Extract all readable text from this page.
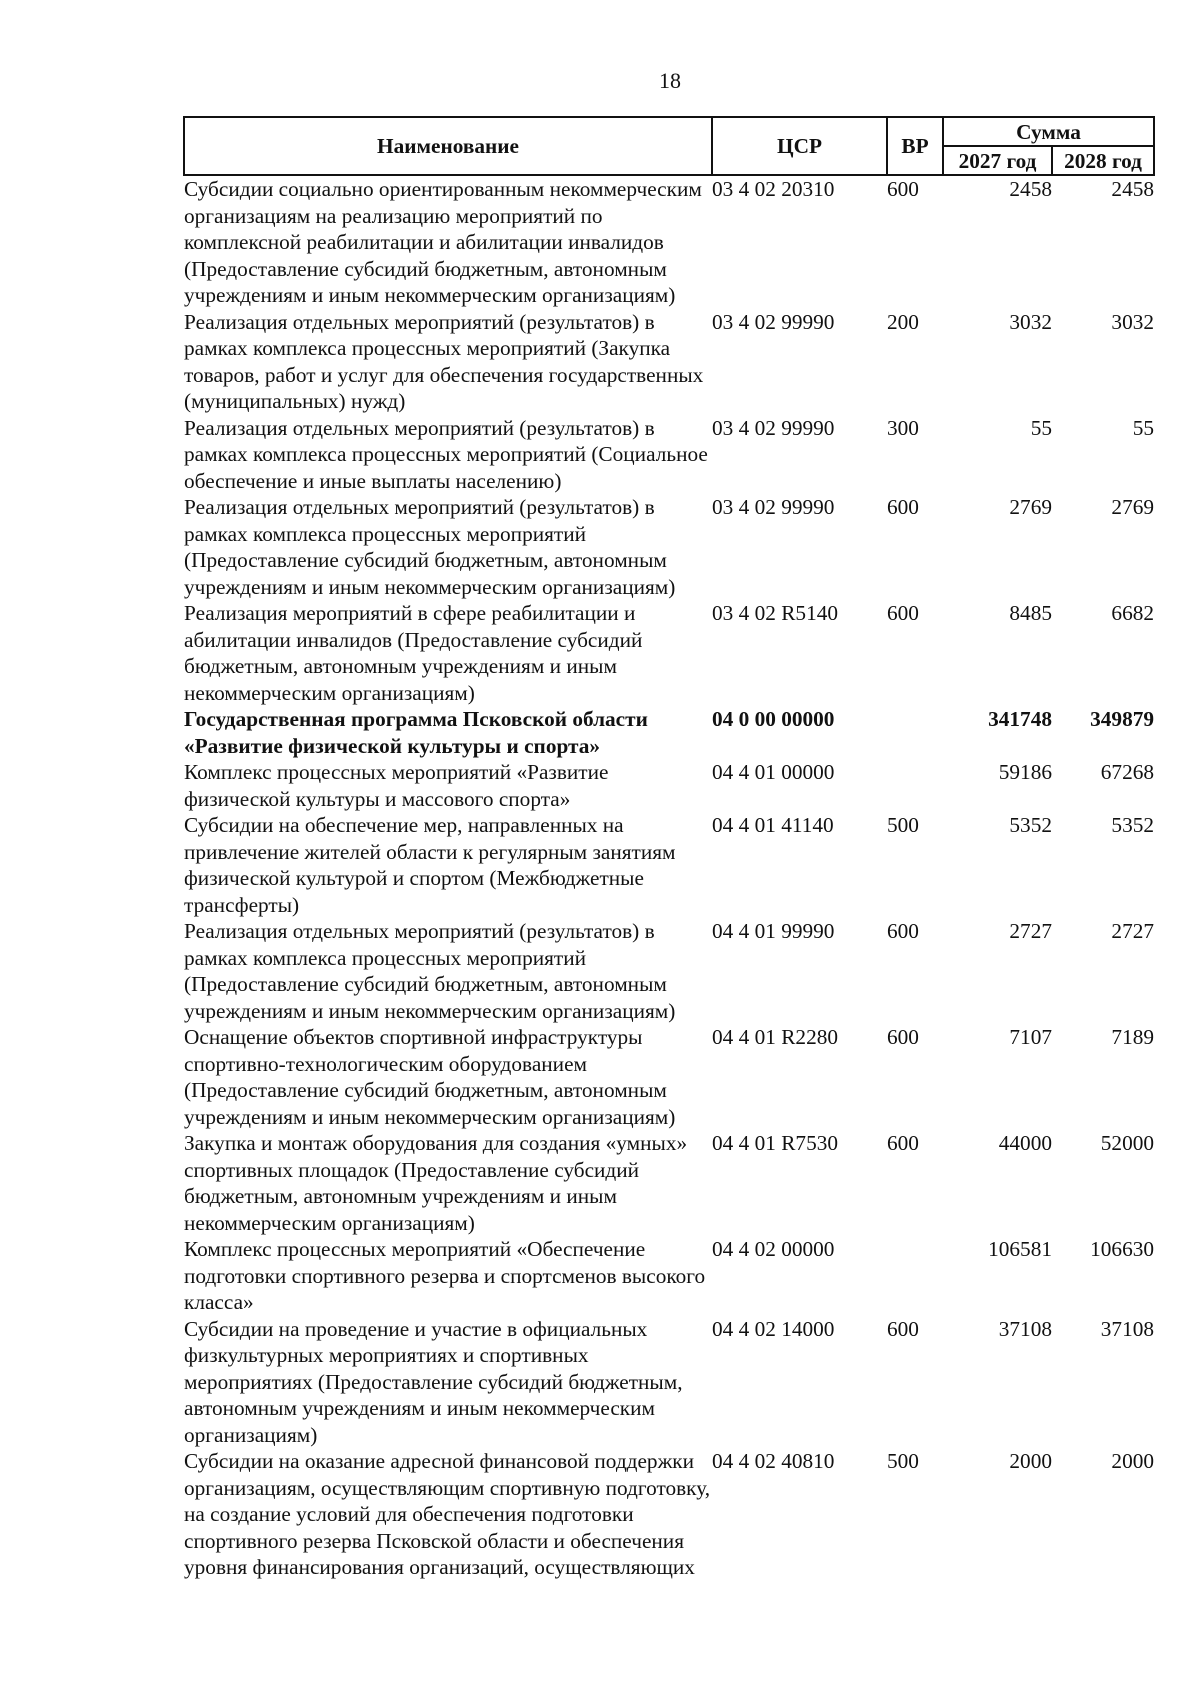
18
Наименование	ЦСР	ВР	Сумма	
			2027 год	2028 год
Субсидии социально ориентированным некоммерческим организациям на реализацию мероприятий по комплексной реабилитации и абилитации инвалидов (Предоставление субсидий бюджетным, автономным учреждениям и иным некоммерческим организациям)	03 4 02 20310	600	2458	2458
Реализация отдельных мероприятий (результатов) в рамках комплекса процессных мероприятий (Закупка товаров, работ и услуг для обеспечения государственных (муниципальных) нужд)	03 4 02 99990	200	3032	3032
Реализация отдельных мероприятий (результатов) в рамках комплекса процессных мероприятий (Социальное обеспечение и иные выплаты населению)	03 4 02 99990	300	55	55
Реализация отдельных мероприятий (результатов) в рамках комплекса процессных мероприятий (Предоставление субсидий бюджетным, автономным учреждениям и иным некоммерческим организациям)	03 4 02 99990	600	2769	2769
Реализация мероприятий в сфере реабилитации и абилитации инвалидов (Предоставление субсидий бюджетным, автономным учреждениям и иным некоммерческим организациям)	03 4 02 R5140	600	8485	6682
Государственная программа Псковской области «Развитие физической культуры и спорта»	04 0 00 00000		341748	349879
Комплекс процессных мероприятий «Развитие физической культуры и массового спорта»	04 4 01 00000		59186	67268
Субсидии на обеспечение мер, направленных на привлечение жителей области к регулярным занятиям физической культурой и спортом (Межбюджетные трансферты)	04 4 01 41140	500	5352	5352
Реализация отдельных мероприятий (результатов) в рамках комплекса процессных мероприятий (Предоставление субсидий бюджетным, автономным учреждениям и иным некоммерческим организациям)	04 4 01 99990	600	2727	2727
Оснащение объектов спортивной инфраструктуры спортивно-технологическим оборудованием (Предоставление субсидий бюджетным, автономным учреждениям и иным некоммерческим организациям)	04 4 01 R2280	600	7107	7189
Закупка и монтаж оборудования для создания «умных» спортивных площадок (Предоставление субсидий бюджетным, автономным учреждениям и иным некоммерческим организациям)	04 4 01 R7530	600	44000	52000
Комплекс процессных мероприятий «Обеспечение подготовки спортивного резерва и спортсменов высокого класса»	04 4 02 00000		106581	106630
Субсидии на проведение и участие в официальных физкультурных мероприятиях и спортивных мероприятиях (Предоставление субсидий бюджетным, автономным учреждениям и иным некоммерческим организациям)	04 4 02 14000	600	37108	37108
Субсидии на оказание адресной финансовой поддержки организациям, осуществляющим спортивную подготовку, на создание условий для обеспечения подготовки спортивного резерва Псковской области и обеспечения уровня финансирования организаций, осуществляющих	04 4 02 40810	500	2000	2000
